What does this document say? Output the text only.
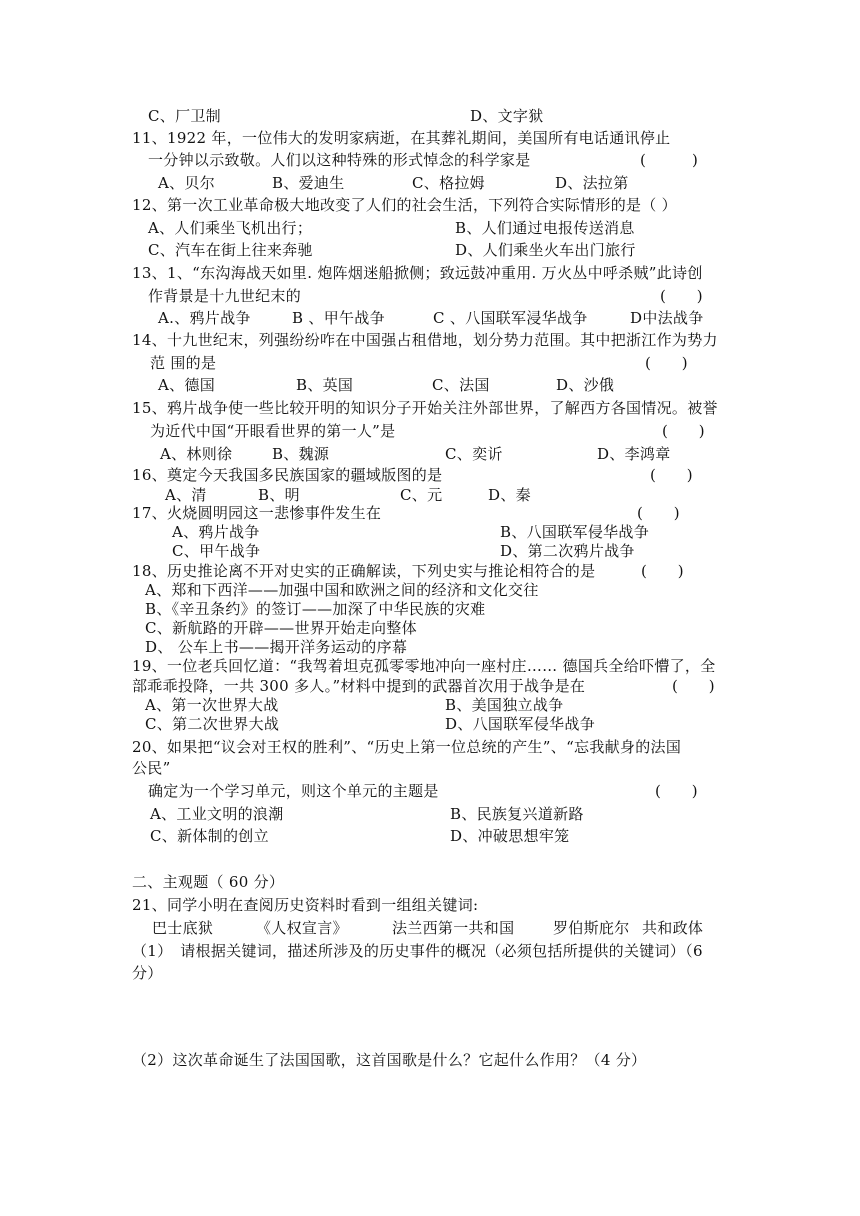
C、厂卫制	D、文字狱
11、1922 年，一位伟大的发明家病逝，在其葬礼期间，美国所有电话通讯停止
一分钟以示致敬。人们以这种特殊的形式悼念的科学家是	(　　　)
A、贝尔	B、爱迪生	C、格拉姆	D、法拉第
12、第一次工业革命极大地改变了人们的社会生活，下列符合实际情形的是（ ）
A、人们乘坐飞机出行；	B、人们通过电报传送消息
C、汽车在街上往来奔驰	D、人们乘坐火车出门旅行
13、1、“东沟海战天如里. 炮阵烟迷船掀侧；致远鼓冲重用. 万火丛中呼杀贼”此诗创
作背景是十九世纪末的	(　　)
A.、鸦片战争	B 、甲午战争	C 、八国联军浸华战争	D中法战争
14、十九世纪末，列强纷纷咋在中国强占租借地，划分势力范围。其中把浙江作为势力
范 围的是	(　　)
A、德国	B、英国	C、法国	D、沙俄
15、鸦片战争使一些比较开明的知识分子开始关注外部世界，了解西方各国情况。被誉
为近代中国“开眼看世界的第一人”是	(　　)
A、林则徐	B、魏源	C、奕䜣	D、李鸿章
16、奠定今天我国多民族国家的疆域版图的是	(　　)
A、清	B、明	C、元	D、秦
17、火烧圆明园这一悲惨事件发生在	(　　)
A、鸦片战争	B、八国联军侵华战争
C、甲午战争	D、第二次鸦片战争
18、历史推论离不开对史实的正确解读，下列史实与推论相符合的是	(　　)
A、郑和下西洋——加强中国和欧洲之间的经济和文化交往
B、《辛丑条约》的签订——加深了中华民族的灾难
C、新航路的开辟——世界开始走向整体
D、 公车上书——揭开洋务运动的序幕
19、一位老兵回忆道：“我驾着坦克孤零零地冲向一座村庄…… 德国兵全给吓懵了，全
部乖乖投降，一共 300 多人。”材料中提到的武器首次用于战争是在	(　　)
A、第一次世界大战	B、美国独立战争
C、第二次世界大战	D、八国联军侵华战争
20、如果把“议会对王权的胜利”、“历史上第一位总统的产生”、“忘我献身的法国
公民”
确定为一个学习单元，则这个单元的主题是	(　　)
A、工业文明的浪潮	B、民族复兴道新路
C、新体制的创立	D、冲破思想牢笼
二、主观题（ 60 分）
21、同学小明在查阅历史资料时看到一组组关键词:
巴士底狱	《人权宣言》	法兰西第一共和国	罗伯斯庇尔 共和政体
（1）　请根据关键词，描述所涉及的历史事件的概况（必须包括所提供的关键词）（6
分）
（2）这次革命诞生了法国国歌，这首国歌是什么？它起什么作用？（4 分）
